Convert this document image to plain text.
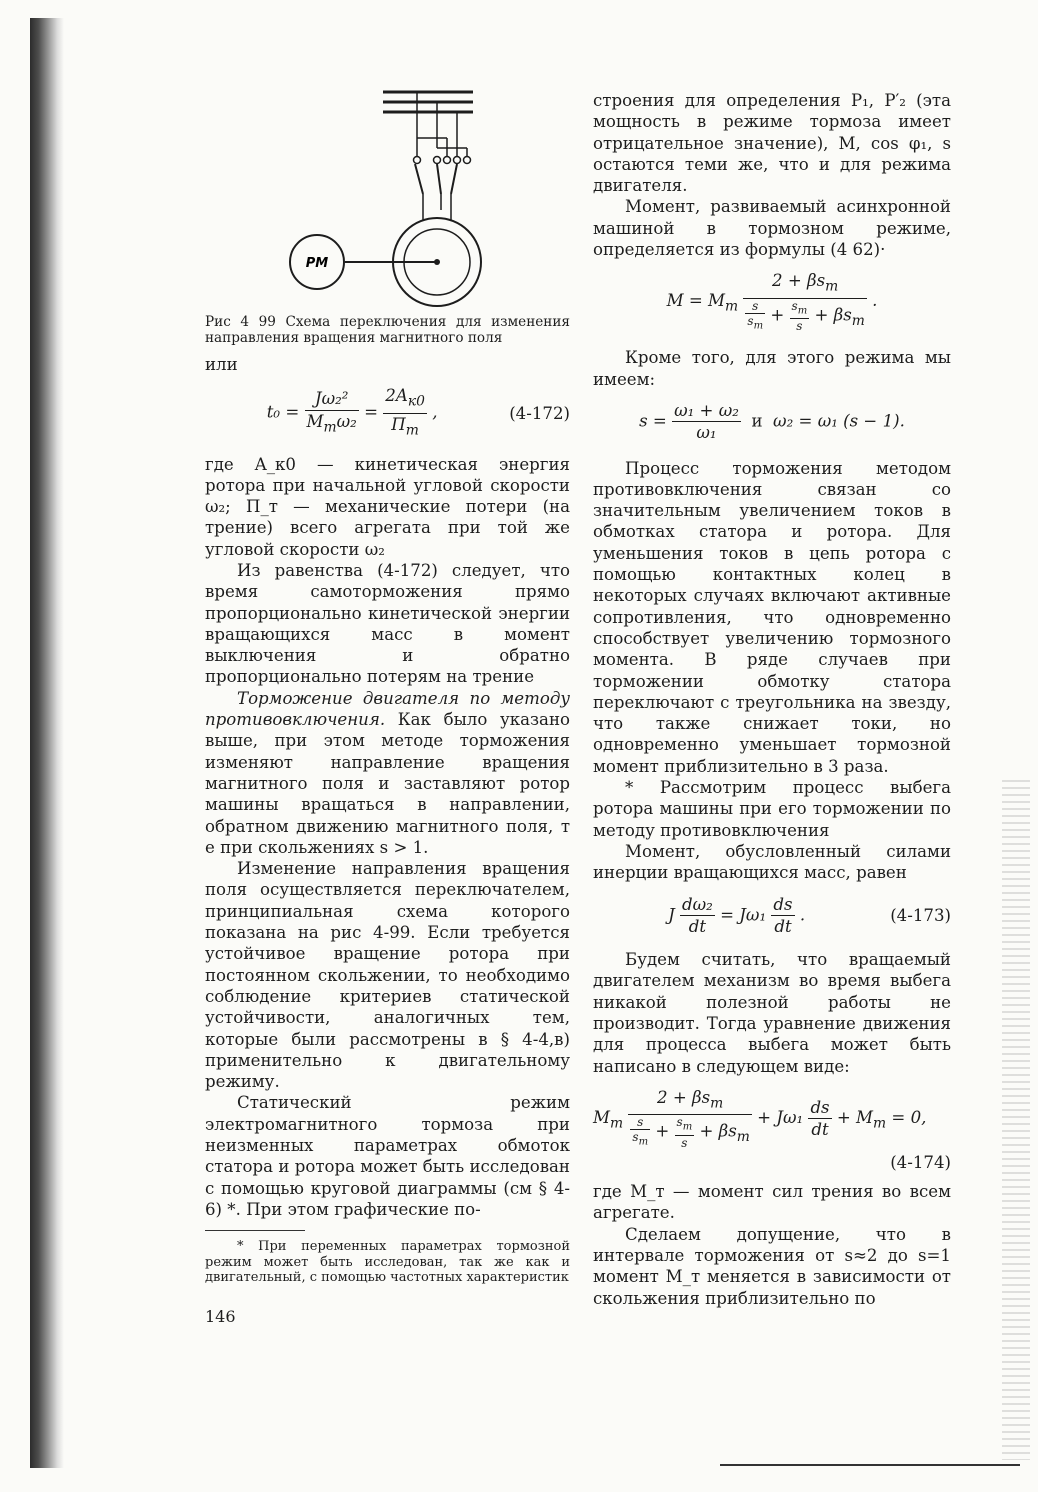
РМ
Рис 4 99 Схема переключения для изменения направления вращения магнитного поля

или

t₀ =
Jω₂²
$M_т\omega_2$ =
$2A_{к0}$
$П_т$
,	(4-172)

где A_к0 — кинетическая энергия ротора при начальной угловой скорости ω₂; П_т — механические потери (на трение) всего агрегата при той же угловой скорости ω₂

Из равенства (4-172) следует, что время самоторможения прямо пропорционально кинетической энергии вращающихся масс в момент выключения и обратно пропорционально потерям на трение

Торможение двигателя по методу противовключения. Как было указано выше, при этом методе торможения изменяют направление вращения магнитного поля и заставляют ротор машины вращаться в направлении, обратном движению магнитного поля, т е при скольжениях s > 1.

Изменение направления вращения поля осуществляется переключателем, принципиальная схема которого показана на рис 4-99. Если требуется устойчивое вращение ротора при постоянном скольжении, то необходимо соблюдение критериев статической устойчивости, аналогичных тем, которые были рассмотрены в § 4-4,в) применительно к двигательному режиму.

Статический режим электромагнитного тормоза при неизменных параметрах обмоток статора и ротора может быть исследован с помощью круговой диаграммы (см § 4-6) *. При этом графические по-

* При переменных параметрах тормозной режим может быть исследован, так же как и двигательный, с помощью частотных характеристик

146

строения для определения P₁, P′₂ (эта мощность в режиме тормоза имеет отрицательное значение), M, cos φ₁, s остаются теми же, что и для режима двигателя.

Момент, развиваемый асинхронной машиной в тормозном режиме, определяется из формулы (4 62)·

$M = M_m$
$2 + \beta s_m$
$\frac{s}{s_m} + \frac{s_m}{s} + \beta s_m$
.

Кроме того, для этого режима мы имеем:

$s = \frac{\text{ω₁ + ω₂}}{\text{ω₁}}$ и  ω₂ = ω₁ (s − 1).

Процесс торможения методом противовключения связан со значительным увеличением токов в обмотках статора и ротора. Для уменьшения токов в цепь ротора с помощью контактных колец в некоторых случаях включают активные сопротивления, что одновременно способствует увеличению тормозного момента. В ряде случаев при торможении обмотку статора переключают с треугольника на звезду, что также снижает токи, но одновременно уменьшает тормозной момент приблизительно в 3 раза.

* Рассмотрим процесс выбега ротора машины при его торможении по методу противовключения

Момент, обусловленный силами инерции вращающихся масс, равен

J $\frac{\text{dω₂}}{dt} = J\omega_1 \frac{ds}{dt}$ .	(4-173)

Будем считать, что вращаемый двигателем механизм во время выбега никакой полезной работы не производит. Тогда уравнение движения для процесса выбега может быть написано в следующем виде:

$M_m$
$2 + \beta s_m$
$\frac{s}{s_m} + \frac{s_m}{s} + \beta s_m$
+ $J\omega_1 \frac{ds}{dt} + M_т = 0$,
(4-174)

где M_т — момент сил трения во всем агрегате.

Сделаем допущение, что в интервале торможения от s≈2 до s=1 момент M_т меняется в зависимости от скольжения приблизительно по
